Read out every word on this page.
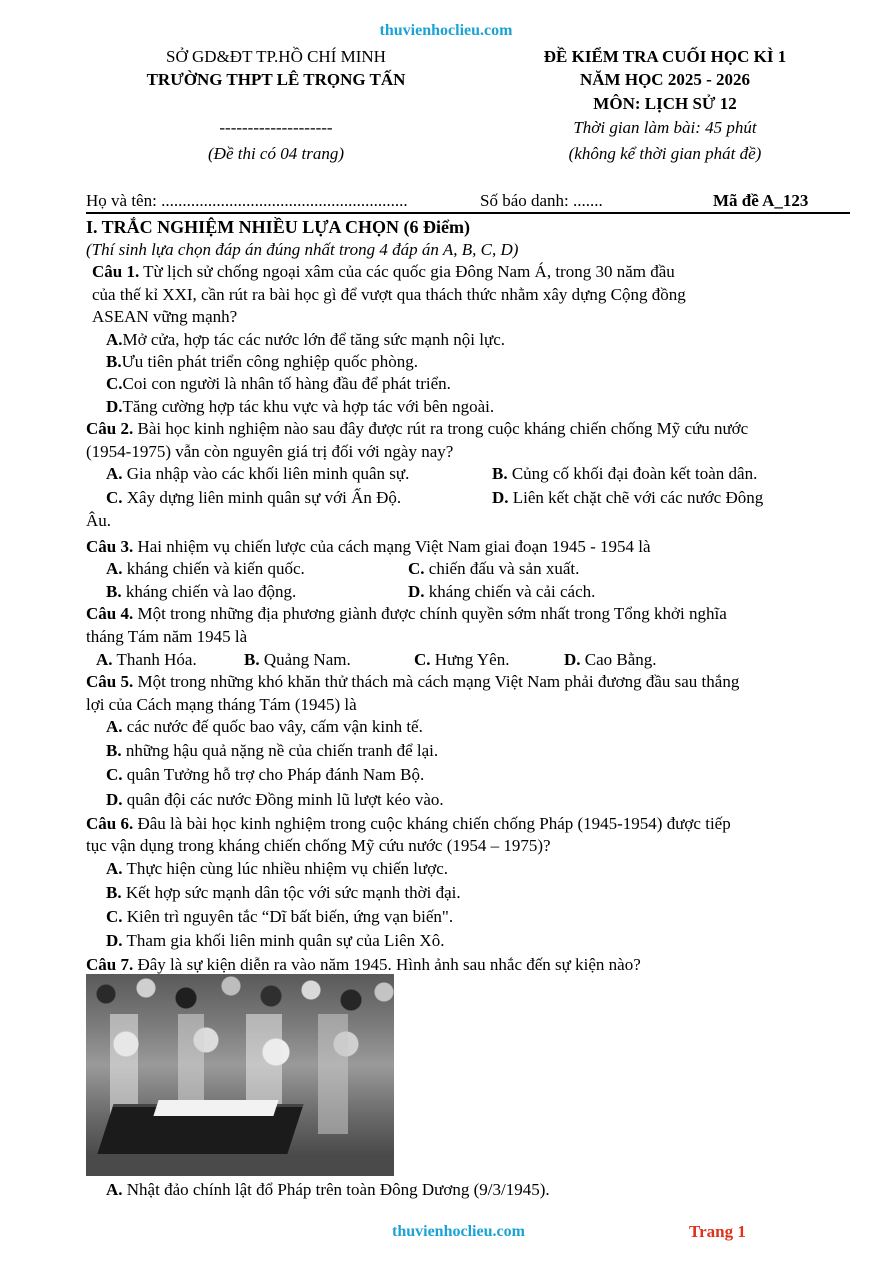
thuvienhoclieu.com
SỞ GD&ĐT TP.HỒ CHÍ MINH
TRƯỜNG THPT LÊ TRỌNG TẤN
--------------------
(Đề thi có 04 trang)
ĐỀ KIỂM TRA CUỐI HỌC KÌ 1
NĂM HỌC 2025 - 2026
MÔN: LỊCH SỬ 12
Thời gian làm bài: 45 phút
(không kể thời gian phát đề)
Họ và tên: ..........................................................	Số báo danh: .......	Mã đề A_123
I. TRẮC NGHIỆM NHIỀU LỰA CHỌN (6 Điểm)
(Thí sinh lựa chọn đáp án đúng nhất trong 4 đáp án A, B, C, D)
Câu 1. Từ lịch sử chống ngoại xâm của các quốc gia Đông Nam Á, trong 30 năm đầu
của thế kỉ XXI, cần rút ra bài học gì để vượt qua thách thức nhằm xây dựng Cộng đồng
ASEAN vững mạnh?
A.Mở cửa, hợp tác các nước lớn để tăng sức mạnh nội lực.
B.Ưu tiên phát triển công nghiệp quốc phòng.
C.Coi con người là nhân tố hàng đầu để phát triển.
D.Tăng cường hợp tác khu vực và hợp tác với bên ngoài.
Câu 2. Bài học kinh nghiệm nào sau đây được rút ra trong cuộc kháng chiến chống Mỹ cứu nước
(1954-1975) vẫn còn nguyên giá trị đối với ngày nay?
A. Gia nhập vào các khối liên minh quân sự.	B. Củng cố khối đại đoàn kết toàn dân.
C. Xây dựng liên minh quân sự với Ấn Độ.	D. Liên kết chặt chẽ với các nước Đông
Âu.
Câu 3. Hai nhiệm vụ chiến lược của cách mạng Việt Nam giai đoạn 1945 - 1954 là
A. kháng chiến và kiến quốc.	C. chiến đấu và sản xuất.
B. kháng chiến và lao động.	D. kháng chiến và cải cách.
Câu 4. Một trong những địa phương giành được chính quyền sớm nhất trong Tổng khởi nghĩa
tháng Tám năm 1945 là
A. Thanh Hóa.	B. Quảng Nam.	C. Hưng Yên.	D. Cao Bằng.
Câu 5. Một trong những khó khăn thử thách mà cách mạng Việt Nam phải đương đầu sau thắng
lợi của Cách mạng tháng Tám (1945) là
A. các nước đế quốc bao vây, cấm vận kinh tế.
B. những hậu quả nặng nề của chiến tranh để lại.
C. quân Tưởng hỗ trợ cho Pháp đánh Nam Bộ.
D. quân đội các nước Đồng minh lũ lượt kéo vào.
Câu 6. Đâu là bài học kinh nghiệm trong cuộc kháng chiến chống Pháp (1945-1954) được tiếp
tục vận dụng trong kháng chiến chống Mỹ cứu nước (1954 – 1975)?
A. Thực hiện cùng lúc nhiều nhiệm vụ chiến lược.
B. Kết hợp sức mạnh dân tộc với sức mạnh thời đại.
C. Kiên trì nguyên tắc “Dĩ bất biến, ứng vạn biến".
D. Tham gia khối liên minh quân sự của Liên Xô.
Câu 7. Đây là sự kiện diễn ra vào năm 1945. Hình ảnh sau nhắc đến sự kiện nào?
A. Nhật đảo chính lật đổ Pháp trên toàn Đông Dương (9/3/1945).
thuvienhoclieu.com	Trang 1
